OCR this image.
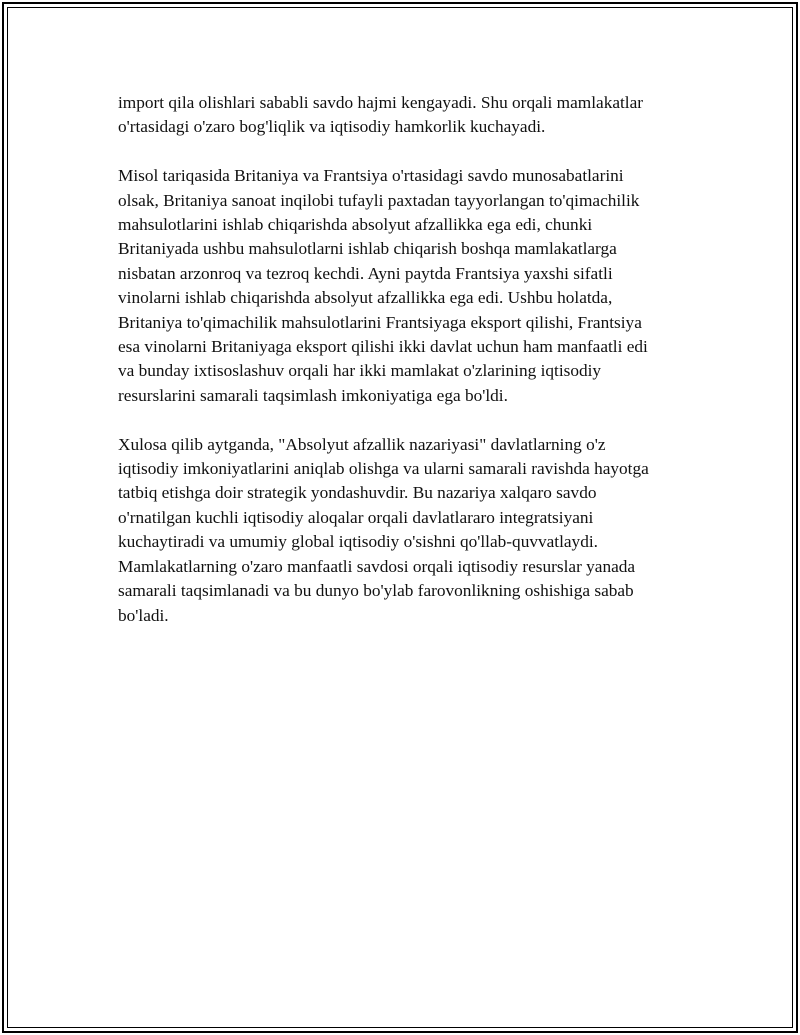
import qila olishlari sababli savdo hajmi kengayadi. Shu orqali mamlakatlar
o'rtasidagi o'zaro bog'liqlik va iqtisodiy hamkorlik kuchayadi.

Misol tariqasida Britaniya va Frantsiya o'rtasidagi savdo munosabatlarini
olsak, Britaniya sanoat inqilobi tufayli paxtadan tayyorlangan to'qimachilik
mahsulotlarini ishlab chiqarishda absolyut afzallikka ega edi, chunki
Britaniyada ushbu mahsulotlarni ishlab chiqarish boshqa mamlakatlarga
nisbatan arzonroq va tezroq kechdi. Ayni paytda Frantsiya yaxshi sifatli
vinolarni ishlab chiqarishda absolyut afzallikka ega edi. Ushbu holatda,
Britaniya to'qimachilik mahsulotlarini Frantsiyaga eksport qilishi, Frantsiya
esa vinolarni Britaniyaga eksport qilishi ikki davlat uchun ham manfaatli edi
va bunday ixtisoslashuv orqali har ikki mamlakat o'zlarining iqtisodiy
resurslarini samarali taqsimlash imkoniyatiga ega bo'ldi.

Xulosa qilib aytganda, "Absolyut afzallik nazariyasi" davlatlarning o'z
iqtisodiy imkoniyatlarini aniqlab olishga va ularni samarali ravishda hayotga
tatbiq etishga doir strategik yondashuvdir. Bu nazariya xalqaro savdo
o'rnatilgan kuchli iqtisodiy aloqalar orqali davlatlararo integratsiyani
kuchaytiradi va umumiy global iqtisodiy o'sishni qo'llab-quvvatlaydi.
Mamlakatlarning o'zaro manfaatli savdosi orqali iqtisodiy resurslar yanada
samarali taqsimlanadi va bu dunyo bo'ylab farovonlikning oshishiga sabab
bo'ladi.
